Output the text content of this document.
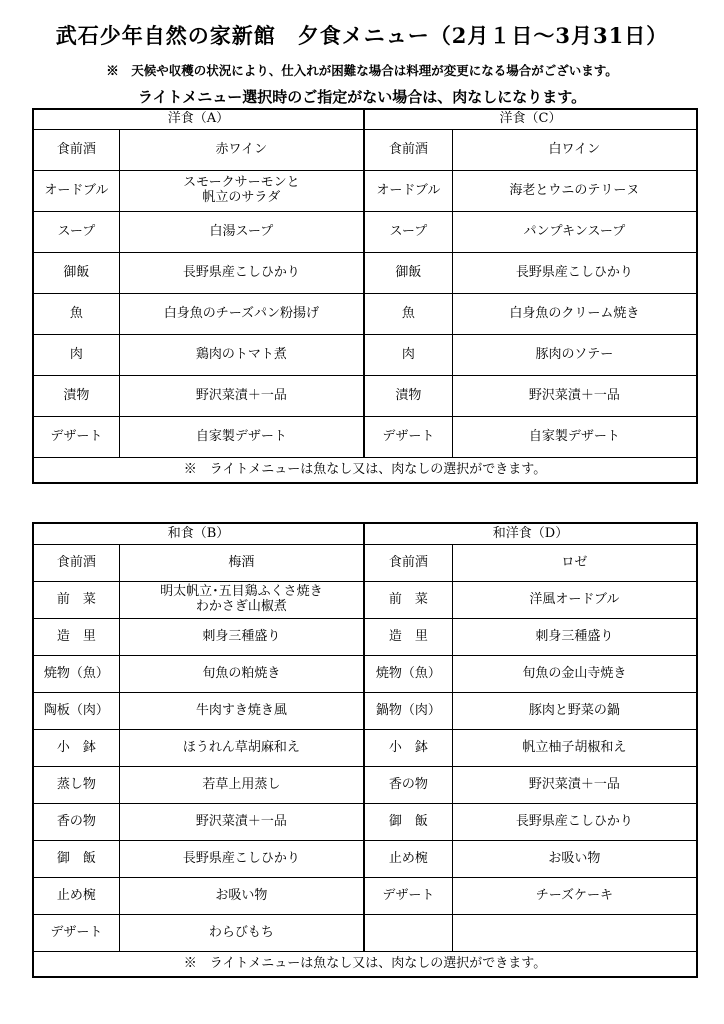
武石少年自然の家新館　夕食メニュー（2月１日～3月31日）
※　天候や収穫の状況により、仕入れが困難な場合は料理が変更になる場合がございます。
ライトメニュー選択時のご指定がない場合は、肉なしになります。
洋食（A）		洋食（C）	
食前酒	赤ワイン	食前酒	白ワイン
オードブル	スモークサーモンと
帆立のサラダ	オードブル	海老とウニのテリーヌ
スープ	白湯スープ	スープ	パンプキンスープ
御飯	長野県産こしひかり	御飯	長野県産こしひかり
魚	白身魚のチーズパン粉揚げ	魚	白身魚のクリーム焼き
肉	鶏肉のトマト煮	肉	豚肉のソテー
漬物	野沢菜漬＋一品	漬物	野沢菜漬＋一品
デザート	自家製デザート	デザート	自家製デザート
※　ライトメニューは魚なし又は、肉なしの選択ができます。			
和食（B）		和洋食（D）	
食前酒	梅酒	食前酒	ロゼ
前　菜	明太帆立･五目鶏ふくさ焼き
わかさぎ山椒煮	前　菜	洋風オードブル
造　里	刺身三種盛り	造　里	刺身三種盛り
焼物（魚）	旬魚の粕焼き	焼物（魚）	旬魚の金山寺焼き
陶板（肉）	牛肉すき焼き風	鍋物（肉）	豚肉と野菜の鍋
小　鉢	ほうれん草胡麻和え	小　鉢	帆立柚子胡椒和え
蒸し物	若草上用蒸し	香の物	野沢菜漬＋一品
香の物	野沢菜漬＋一品	御　飯	長野県産こしひかり
御　飯	長野県産こしひかり	止め椀	お吸い物
止め椀	お吸い物	デザート	チーズケーキ
デザート	わらびもち		
※　ライトメニューは魚なし又は、肉なしの選択ができます。			
